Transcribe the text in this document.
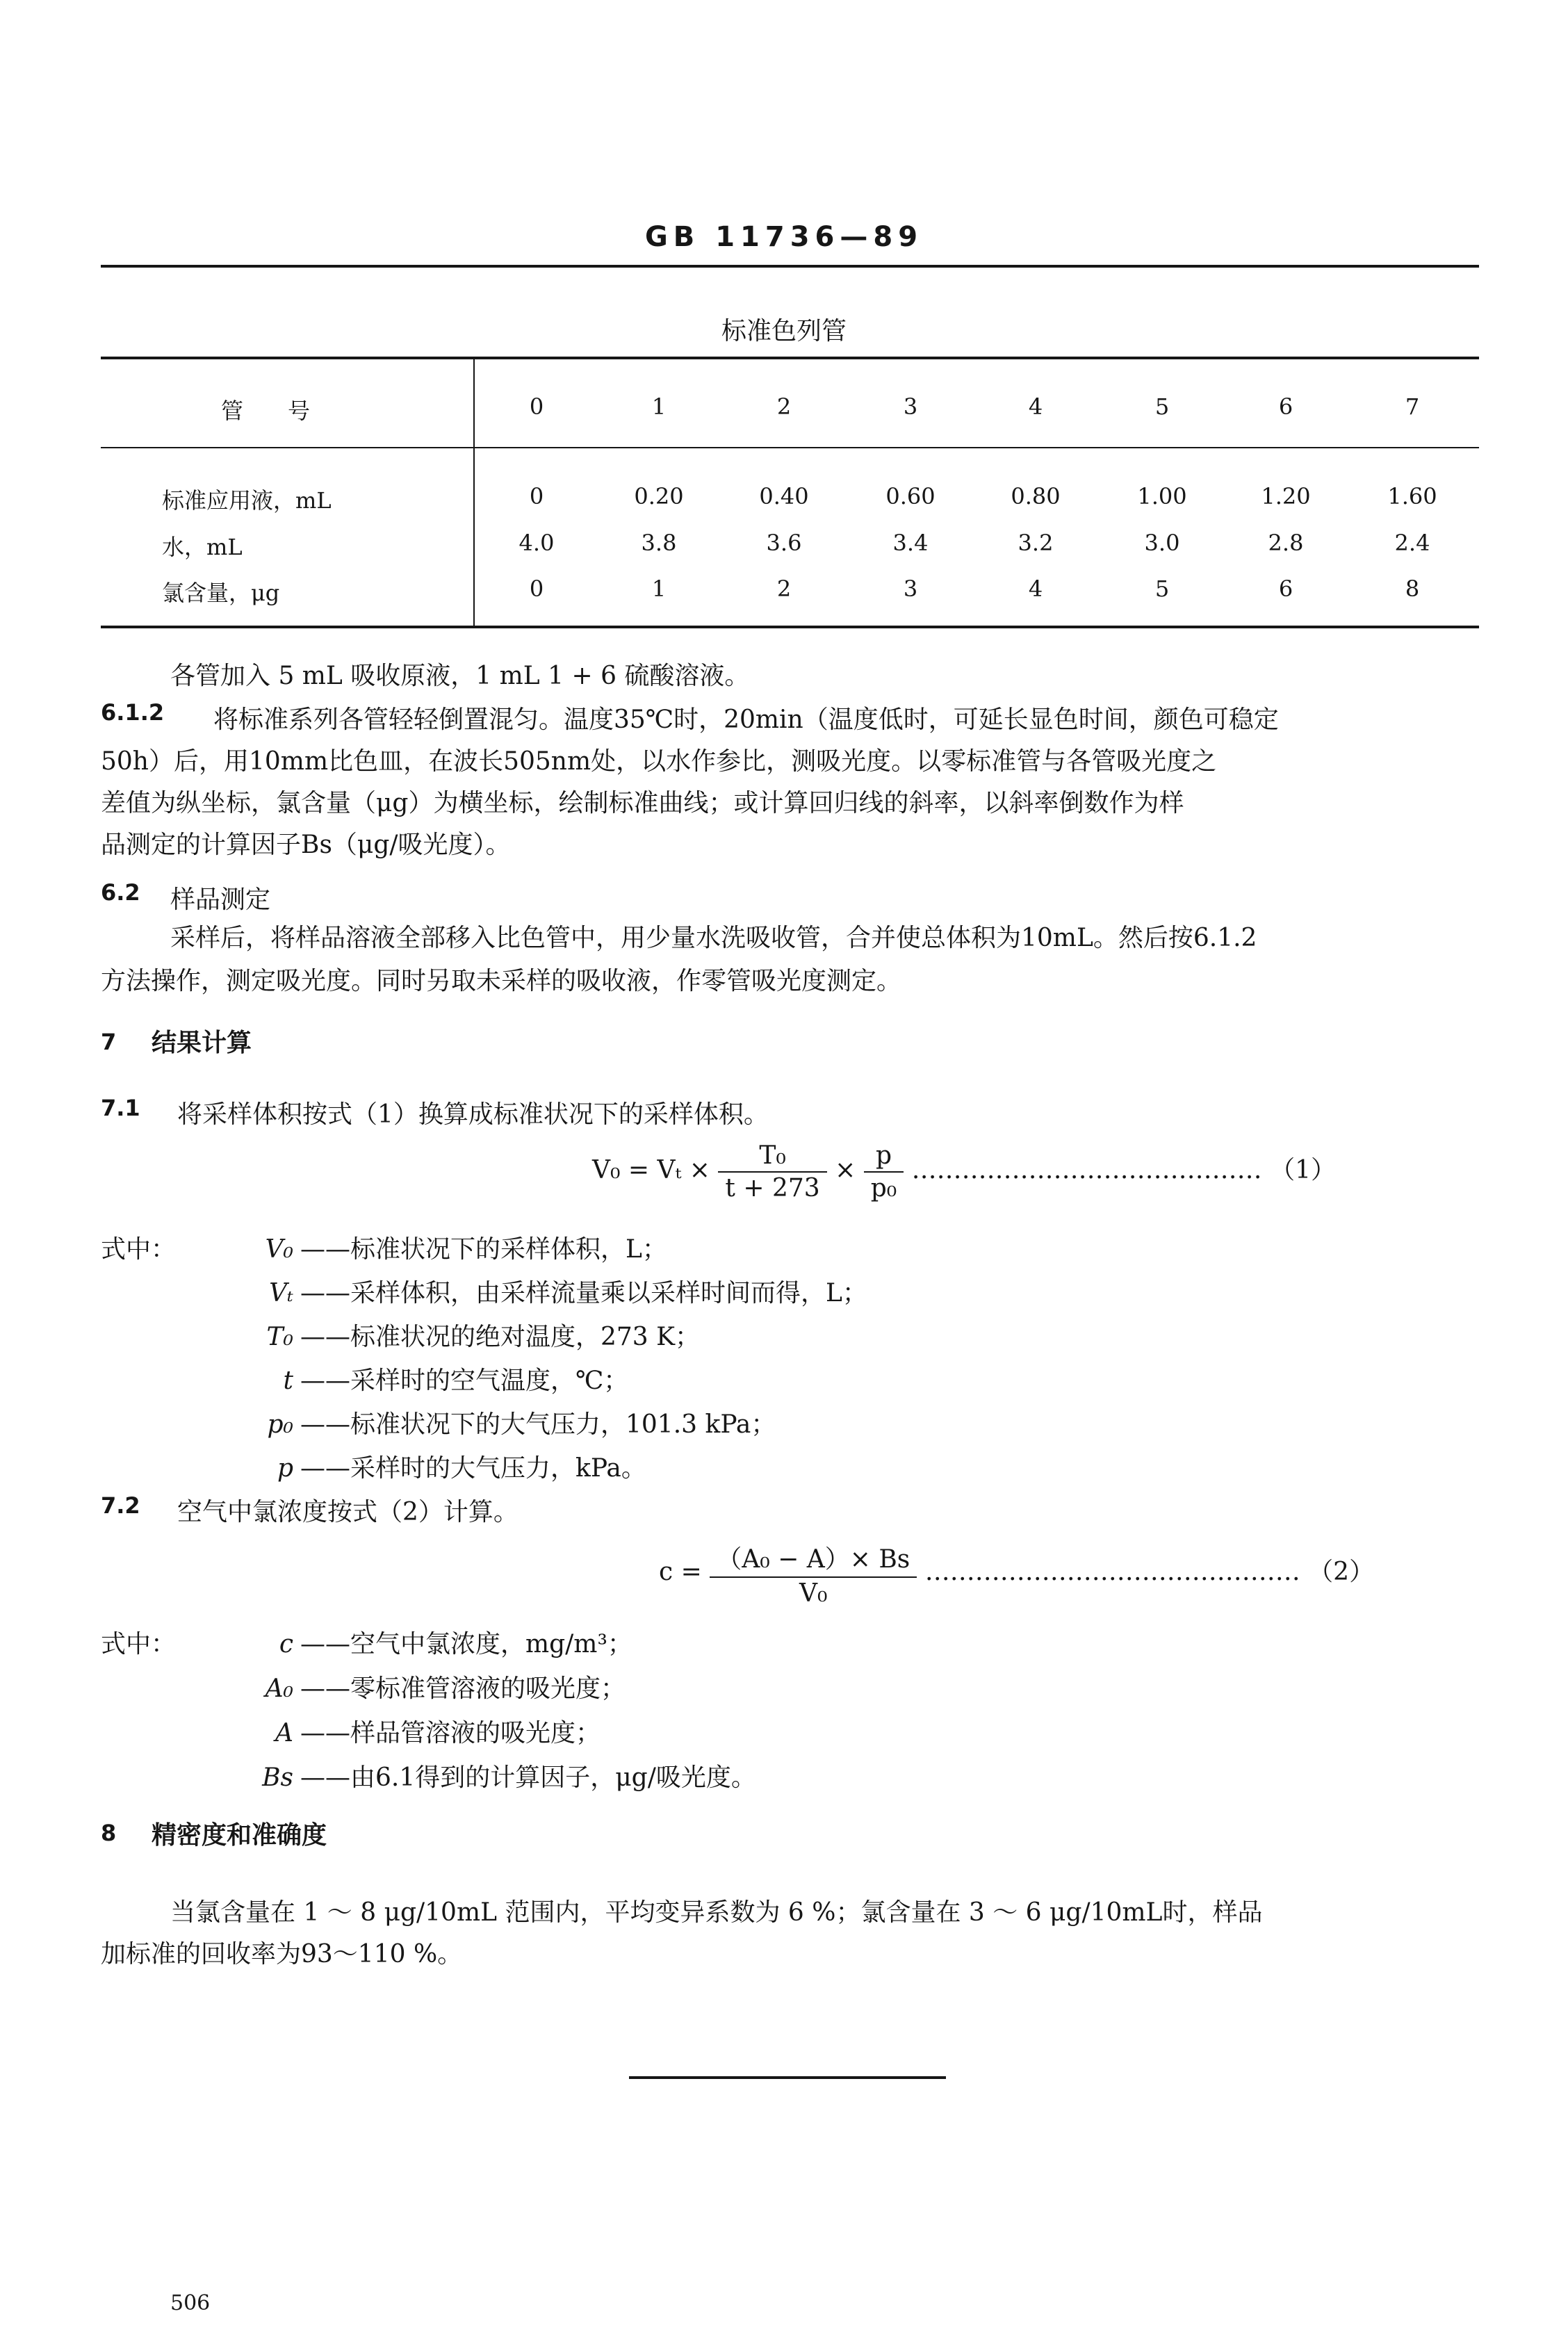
GB 11736—89
标准色列管
管　　号	0	1	2	3	4	5	6	7
标准应用液，mL	0	0.20	0.40	0.60	0.80	1.00	1.20	1.60
水，mL	4.0	3.8	3.6	3.4	3.2	3.0	2.8	2.4
氯含量，μg	0	1	2	3	4	5	6	8
各管加入 5 mL 吸收原液，1 mL 1 + 6 硫酸溶液。
6.1.2 将标准系列各管轻轻倒置混匀。温度35℃时，20min（温度低时，可延长显色时间，颜色可稳定
50h）后，用10mm比色皿，在波长505nm处，以水作参比，测吸光度。以零标准管与各管吸光度之
差值为纵坐标，氯含量（μg）为横坐标，绘制标准曲线；或计算回归线的斜率，以斜率倒数作为样
品测定的计算因子Bs（μg/吸光度）。
6.2 样品测定
采样后，将样品溶液全部移入比色管中，用少量水洗吸收管，合并使总体积为10mL。然后按6.1.2
方法操作，测定吸光度。同时另取未采样的吸收液，作零管吸光度测定。
7 结果计算
7.1 将采样体积按式（1）换算成标准状况下的采样体积。
$V_0 = V_t \times \frac{\text{T₀}}{t + 273} \times \frac{p}{\text{p₀}}$ …………………………………… （1）
式中：	V₀ ——标准状况下的采样体积，L；
Vₜ ——采样体积，由采样流量乘以采样时间而得，L；
T₀ ——标准状况的绝对温度，273 K；
t ——采样时的空气温度，℃；
p₀ ——标准状况下的大气压力，101.3 kPa；
p ——采样时的大气压力，kPa。
7.2 空气中氯浓度按式（2）计算。
$c = \frac{\text{（A₀ − A）× Bs}}{\text{V₀}}$ ……………………………………… （2）
式中：	c ——空气中氯浓度，mg/m³；
A₀ ——零标准管溶液的吸光度；
A ——样品管溶液的吸光度；
Bs ——由6.1得到的计算因子，μg/吸光度。
8 精密度和准确度
当氯含量在 1 ～ 8 μg/10mL 范围内，平均变异系数为 6 %；氯含量在 3 ～ 6 μg/10mL时，样品
加标准的回收率为93～110 %。
506
